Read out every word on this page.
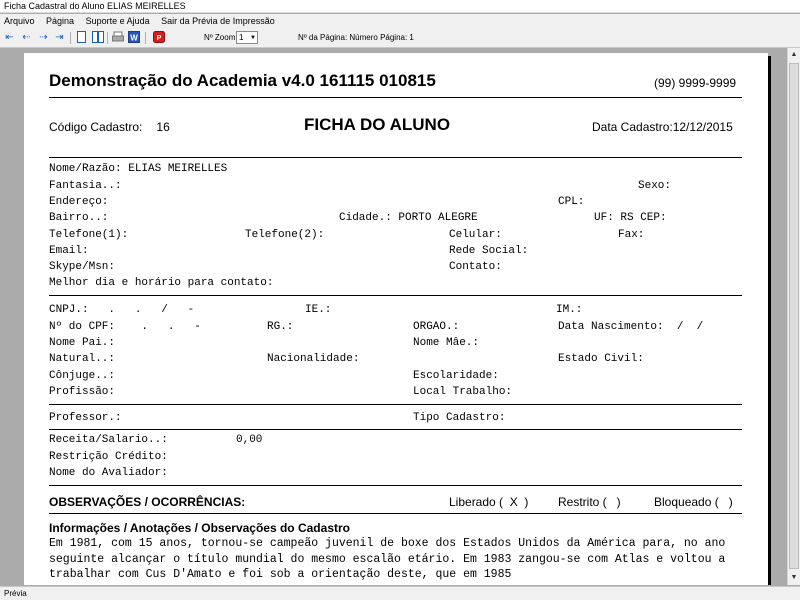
Ficha Cadastral do Aluno ELIAS MEIRELLES
Arquivo Página Suporte e Ajuda Sair da Prévia de Impressão
⇤ ⇠ ⇢ ⇥	W	P	Nº Zoom 1 ▼	Nº da Página: Número Página: 1
Demonstração do Academia v4.0 161115 010815	(99) 9999-9999
Código Cadastro: 16	FICHA DO ALUNO	Data Cadastro:12/12/2015
Nome/Razão: ELIAS MEIRELLES
Fantasia..:	Sexo:
Endereço:	CPL:
Bairro..:	Cidade.: PORTO ALEGRE	UF: RS CEP:
Telefone(1):	Telefone(2):	Celular:	Fax:
Email:	Rede Social:
Skype/Msn:	Contato:
Melhor dia e horário para contato:
CNPJ.:   .   .   /   -	IE.:	IM.:
Nº do CPF:    .   .   -	RG.:	ORGAO.:	Data Nascimento:  /  /
Nome Pai.:	Nome Mâe.:
Natural..:	Nacionalidade:	Estado Civil:
Cônjuge..:	Escolaridade:
Profissão:	Local Trabalho:
Professor.:	Tipo Cadastro:
Receita/Salario..:	0,00
Restrição Crédito:
Nome do Avaliador:
OBSERVAÇÕES / OCORRÊNCIAS:	Liberado (  X  ) Restrito (   )	Bloqueado (   )
Informações / Anotações / Observações do Cadastro
Em 1981, com 15 anos, tornou-se campeão juvenil de boxe dos Estados Unidos da América para, no ano seguinte alcançar o título mundial do mesmo escalão etário. Em 1983 zangou-se com Atlas e voltou a trabalhar com Cus D'Amato e foi sob a orientação deste, que em 1985
▲
▼
Prévia
